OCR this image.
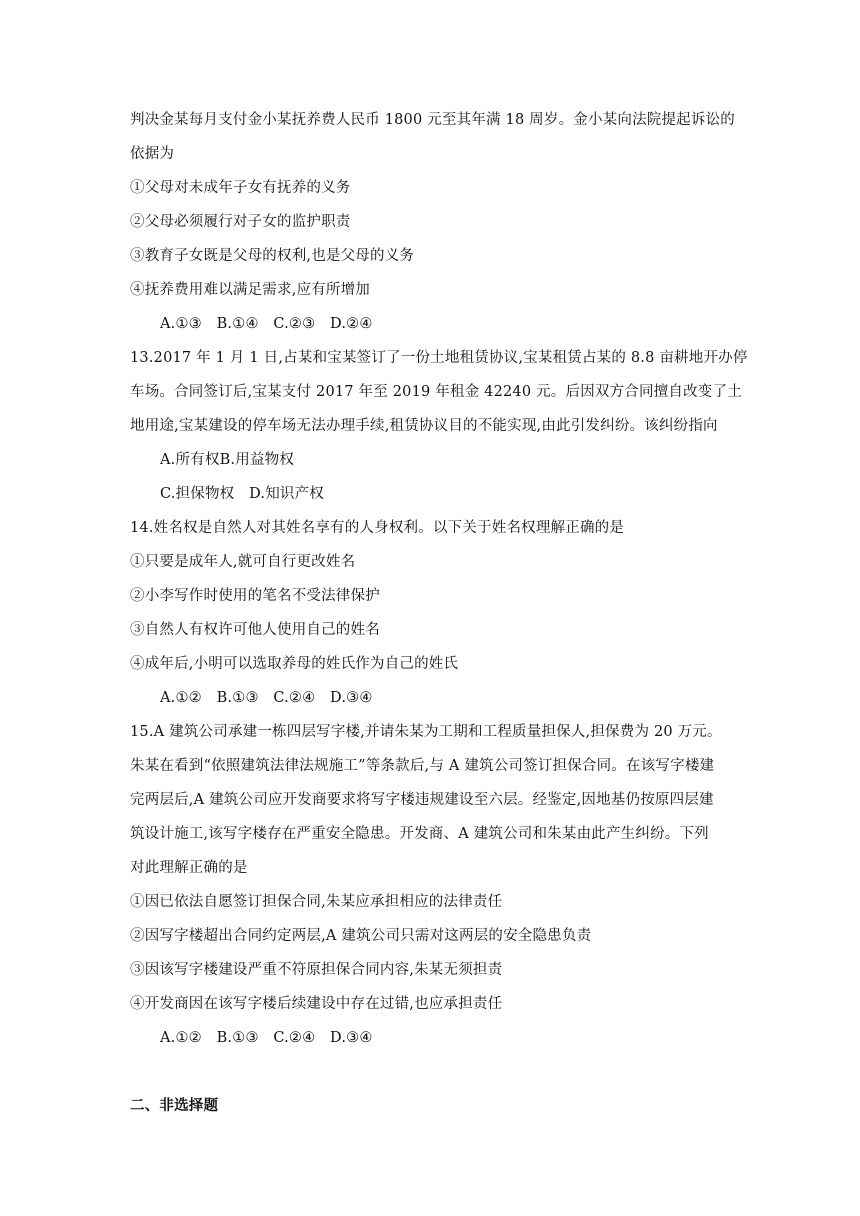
判决金某每月支付金小某抚养费人民币 1800 元至其年满 18 周岁。金小某向法院提起诉讼的
依据为
①父母对未成年子女有抚养的义务
②父母必须履行对子女的监护职责
③教育子女既是父母的权利,也是父母的义务
④抚养费用难以满足需求,应有所增加
A.①③　B.①④　C.②③　D.②④
13.2017 年 1 月 1 日,占某和宝某签订了一份土地租赁协议,宝某租赁占某的 8.8 亩耕地开办停
车场。合同签订后,宝某支付 2017 年至 2019 年租金 42240 元。后因双方合同擅自改变了土
地用途,宝某建设的停车场无法办理手续,租赁协议目的不能实现,由此引发纠纷。该纠纷指向
A.所有权B.用益物权
C.担保物权　D.知识产权
14.姓名权是自然人对其姓名享有的人身权利。以下关于姓名权理解正确的是
①只要是成年人,就可自行更改姓名
②小李写作时使用的笔名不受法律保护
③自然人有权许可他人使用自己的姓名
④成年后,小明可以选取养母的姓氏作为自己的姓氏
A.①②　B.①③　C.②④　D.③④
15.A 建筑公司承建一栋四层写字楼,并请朱某为工期和工程质量担保人,担保费为 20 万元。
朱某在看到“依照建筑法律法规施工”等条款后,与 A 建筑公司签订担保合同。在该写字楼建
完两层后,A 建筑公司应开发商要求将写字楼违规建设至六层。经鉴定,因地基仍按原四层建
筑设计施工,该写字楼存在严重安全隐患。开发商、A 建筑公司和朱某由此产生纠纷。下列
对此理解正确的是
①因已依法自愿签订担保合同,朱某应承担相应的法律责任
②因写字楼超出合同约定两层,A 建筑公司只需对这两层的安全隐患负责
③因该写字楼建设严重不符原担保合同内容,朱某无须担责
④开发商因在该写字楼后续建设中存在过错,也应承担责任
A.①②　B.①③　C.②④　D.③④
二、非选择题
